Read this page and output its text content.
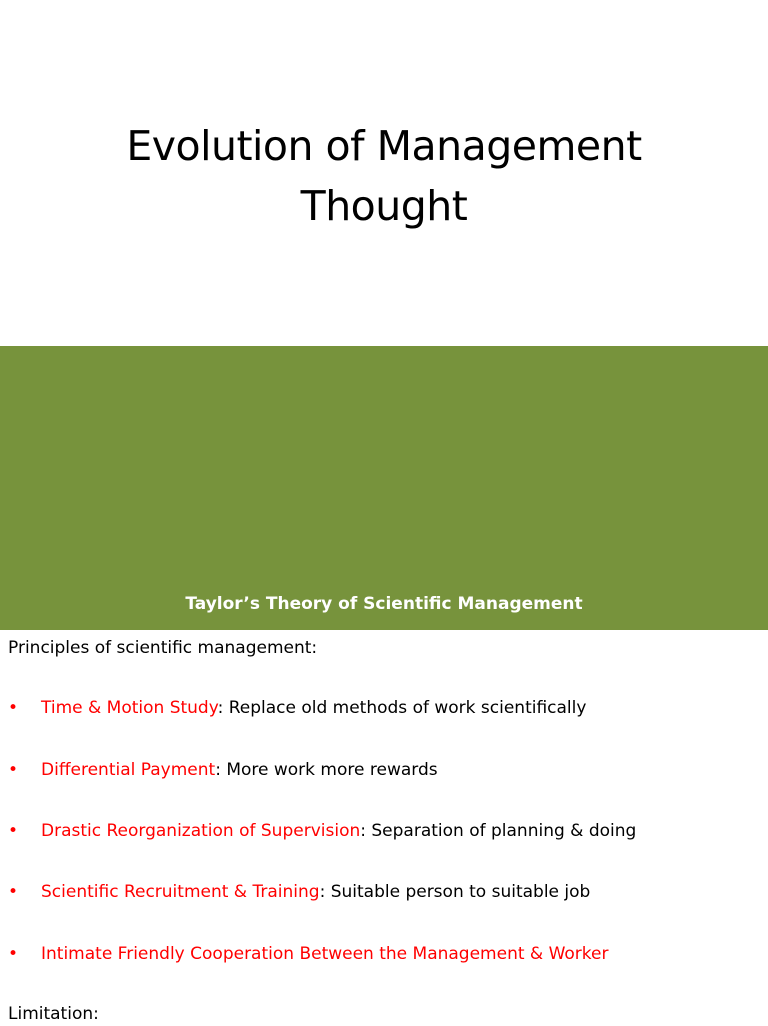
Evolution of Management
Thought
Taylor’s Theory of Scientific Management

Principles of scientific management:

• Time & Motion Study: Replace old methods of work scientifically
• Differential Payment: More work more rewards
• Drastic Reorganization of Supervision: Separation of planning & doing
• Scientific Recruitment & Training: Suitable person to suitable job
• Intimate Friendly Cooperation Between the Management & Worker

Limitation:
